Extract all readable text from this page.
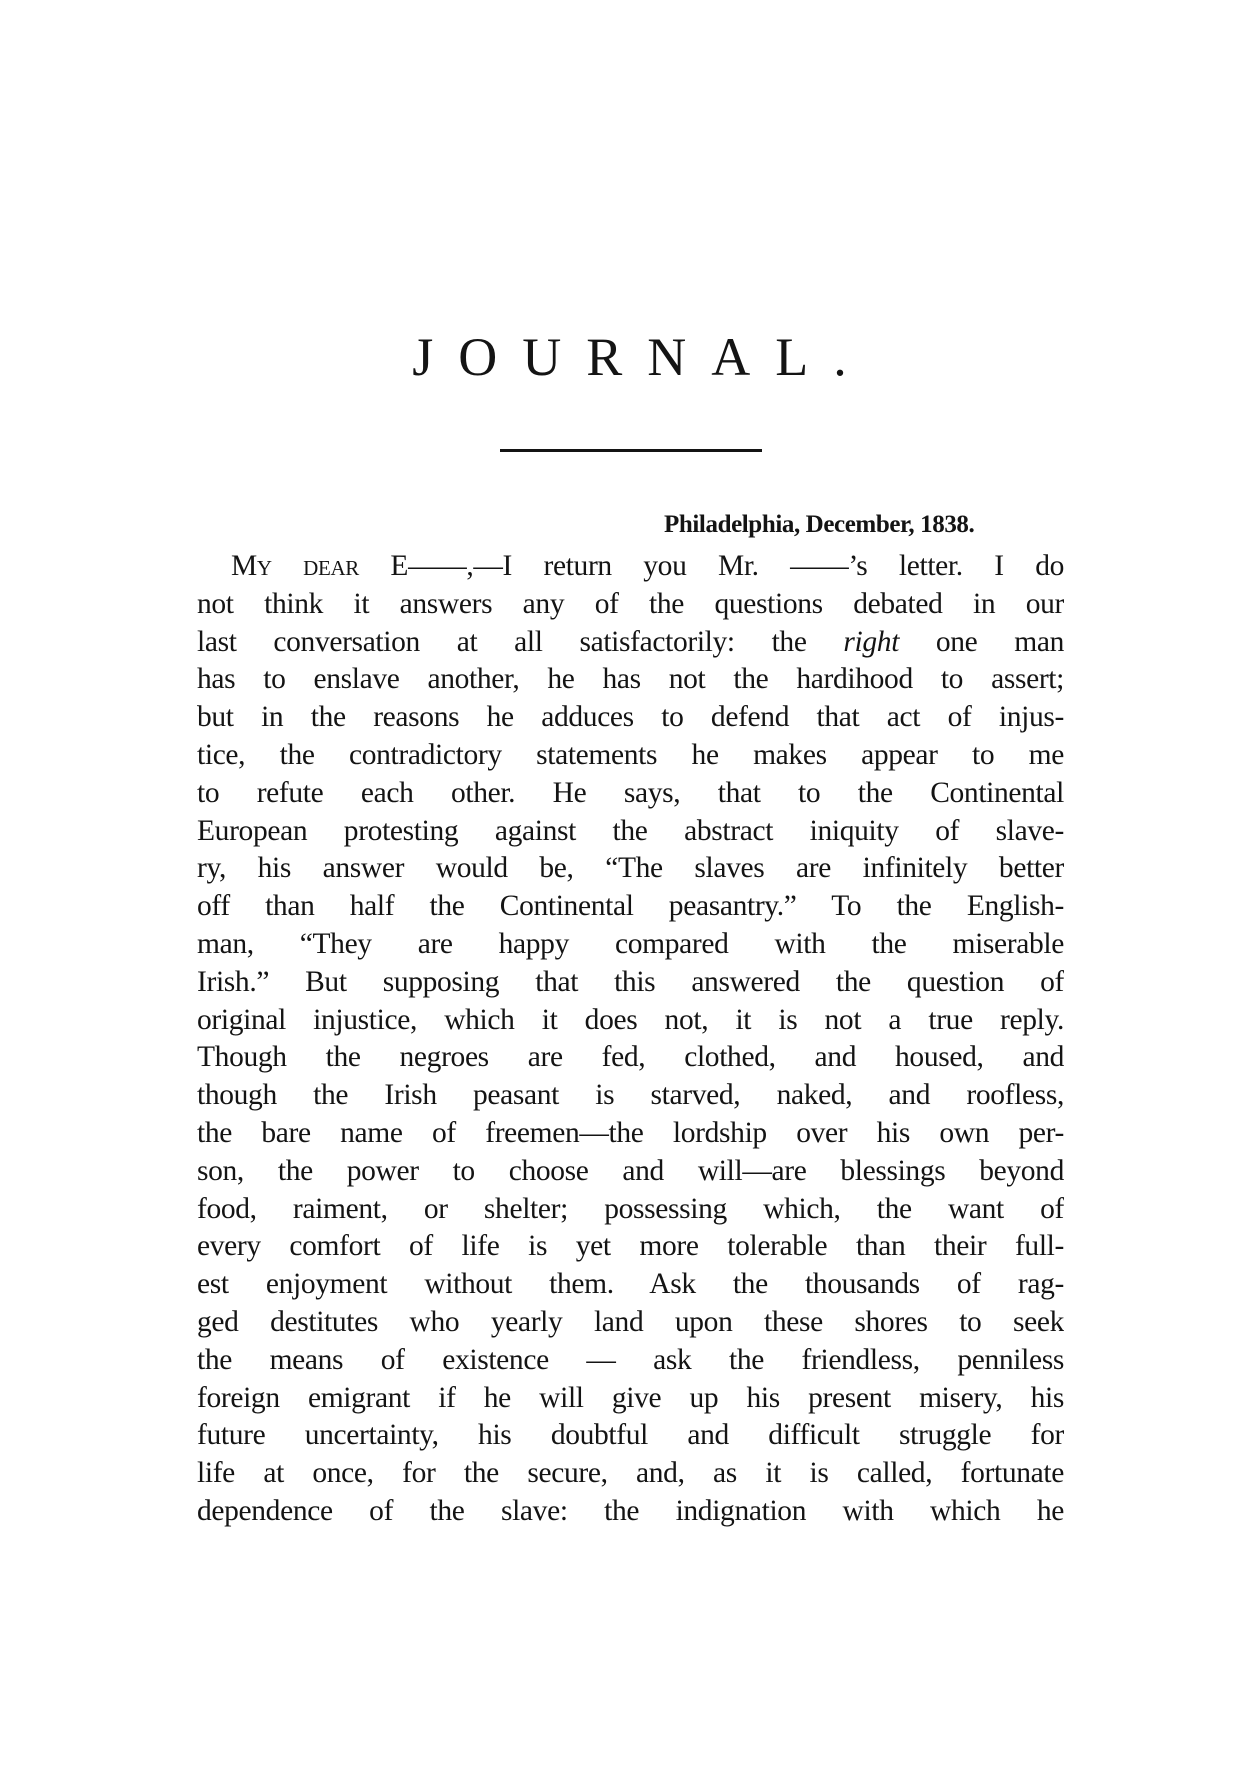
JOURNAL.
Philadelphia, December, 1838.
My dear E——,—I return you Mr. ——’s letter. I do
not think it answers any of the questions debated in our
last conversation at all satisfactorily: the right one man
has to enslave another, he has not the hardihood to assert;
but in the reasons he adduces to defend that act of injus-
tice, the contradictory statements he makes appear to me
to refute each other. He says, that to the Continental
European protesting against the abstract iniquity of slave-
ry, his answer would be, “The slaves are infinitely better
off than half the Continental peasantry.” To the English-
man, “They are happy compared with the miserable
Irish.” But supposing that this answered the question of
original injustice, which it does not, it is not a true reply.
Though the negroes are fed, clothed, and housed, and
though the Irish peasant is starved, naked, and roofless,
the bare name of freemen—the lordship over his own per-
son, the power to choose and will—are blessings beyond
food, raiment, or shelter; possessing which, the want of
every comfort of life is yet more tolerable than their full-
est enjoyment without them. Ask the thousands of rag-
ged destitutes who yearly land upon these shores to seek
the means of existence — ask the friendless, penniless
foreign emigrant if he will give up his present misery, his
future uncertainty, his doubtful and difficult struggle for
life at once, for the secure, and, as it is called, fortunate
dependence of the slave: the indignation with which he
